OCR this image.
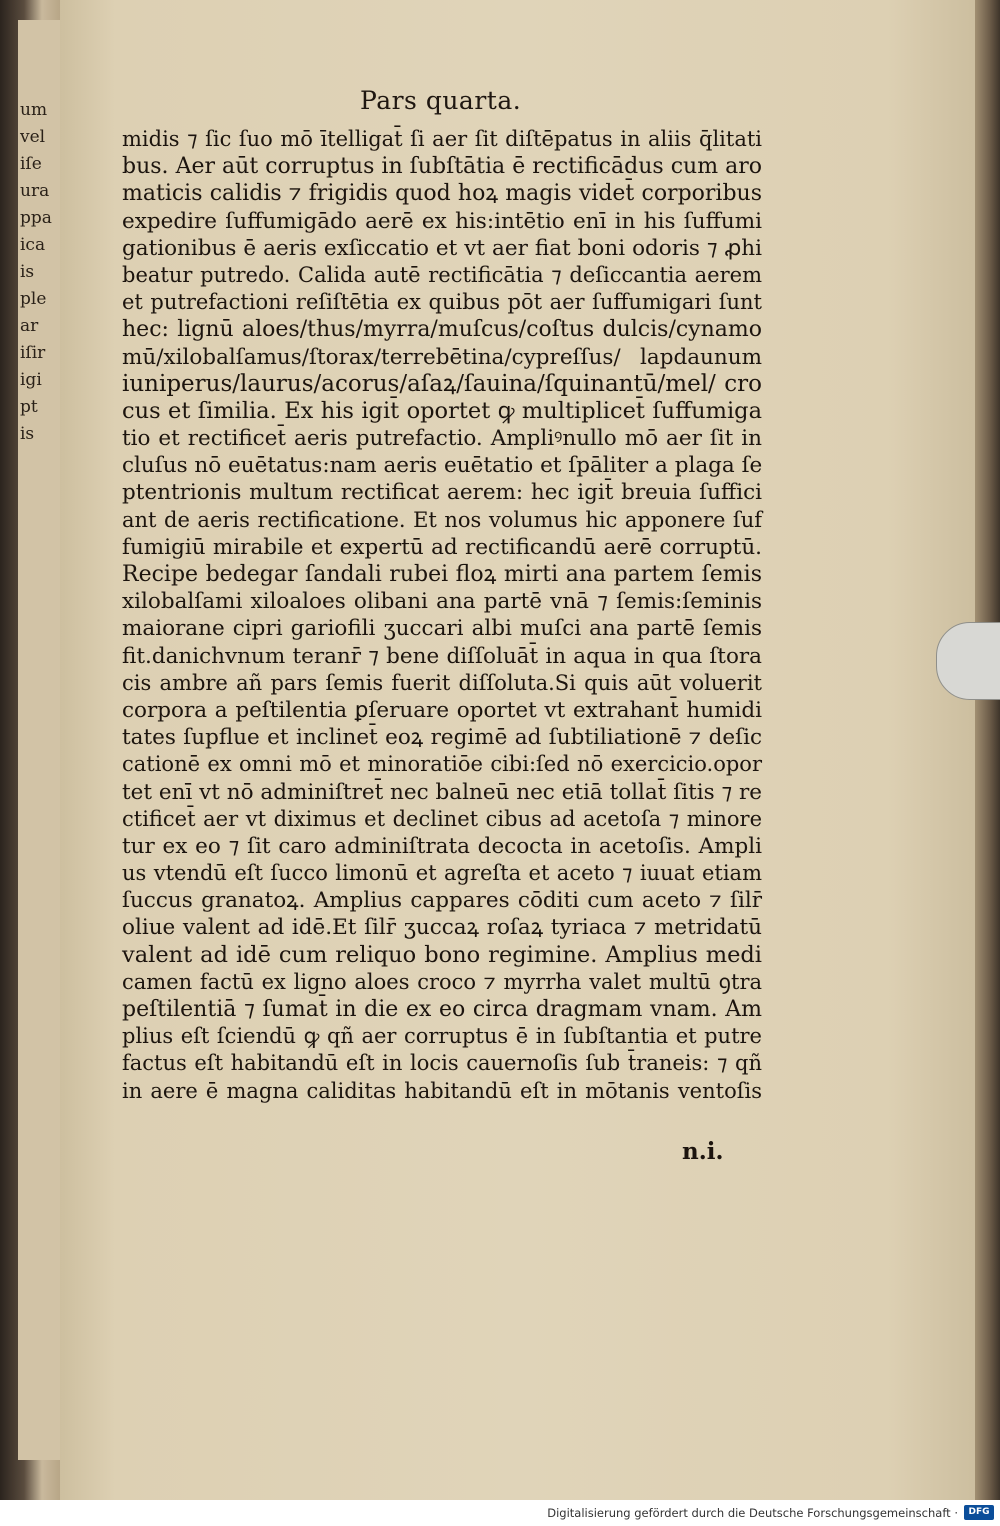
um
vel
iſe
ura
ppa
ica
is
ple
ar
iſir
igi
pt
is
Pars quarta.
midis ⁊ ſic ſuo mō ītelligat̄ ſi aer ſit diſtēpatus in aliis q̄litati
bus. Aer aūt corruptus in ſubſtātia ē rectificādus cum aro
maticis calidis ⁊ frigidis quod hoꝝ magis videt̄ corporibus
expedire ſuffumigādo aerē ex his:intētio enī in his ſuffumi
gationibus ē aeris exſiccatio et vt aer fiat boni odoris ⁊ ꝓhi
beatur putredo. Calida autē rectificātia ⁊ deſiccantia aerem
et putrefactioni reſiſtētia ex quibus pōt aer ſuffumigari ſunt
hec: lignū aloes/thus/myrra/muſcus/coſtus dulcis/cynamo
mū/xilobalſamus/ſtorax/terrebētina/cypreſſus/ lapdaunum
iuniperus/laurus/acorus/aſaꝝ/ſauina/ſquinantū/mel/ cro
cus et ſimilia. Ex his igit̄ oportet ꝙ multiplicet̄ ſuffumiga
tio et rectificet̄ aeris putrefactio. Ampliꝰnullo mō aer ſit in
cluſus nō euētatus:nam aeris euētatio et ſpāliter a plaga ſe
ptentrionis multum rectificat aerem: hec igit̄ breuia ſuffici
ant de aeris rectificatione. Et nos volumus hic apponere ſuf
fumigiū mirabile et expertū ad rectificandū aerē corruptū.
Recipe bedegar ſandali rubei floꝝ mirti ana partem ſemis
xilobalſami xiloaloes olibani ana partē vnā ⁊ ſemis:ſeminis
maiorane cipri gariofili ʒuccari albi muſci ana partē ſemis
fit.danichvnum teranr̄ ⁊ bene diſſoluāt̄ in aqua in qua ſtora
cis ambre añ pars ſemis fuerit diſſoluta.Si quis aūt voluerit
corpora a peſtilentia ꝑſeruare oportet vt extrahant̄ humidi
tates ſupflue et inclinet̄ eoꝝ regimē ad ſubtiliationē ⁊ deſic
cationē ex omni mō et minoratiōe cibi:ſed nō exercicio.opor
tet enī vt nō adminiſtret̄ nec balneū nec etiā tollat̄ ſitis ⁊ re
ctificet̄ aer vt diximus et declinet cibus ad acetoſa ⁊ minore
tur ex eo ⁊ ſit caro adminiſtrata decocta in acetoſis. Ampli
us vtendū eſt ſucco limonū et agreſta et aceto ⁊ iuuat etiam
ſuccus granatoꝝ. Amplius cappares cōditi cum aceto ⁊ ſilr̄
oliue valent ad idē.Et ſilr̄ ʒuccaꝝ roſaꝝ tyriaca ⁊ metridatū
valent ad idē cum reliquo bono regimine. Amplius medi
camen factū ex ligno aloes croco ⁊ myrrha valet multū ꝯtra
peſtilentiā ⁊ ſumat̄ in die ex eo circa dragmam vnam. Am
plius eſt ſciendū ꝙ qñ aer corruptus ē in ſubſtantia et putre
factus eſt habitandū eſt in locis cauernoſis ſub t̄raneis: ⁊ qñ
in aere ē magna caliditas habitandū eſt in mōtanis ventoſis
n.i.
Digitalisierung gefördert durch die Deutsche Forschungsgemeinschaft ·	DFG
